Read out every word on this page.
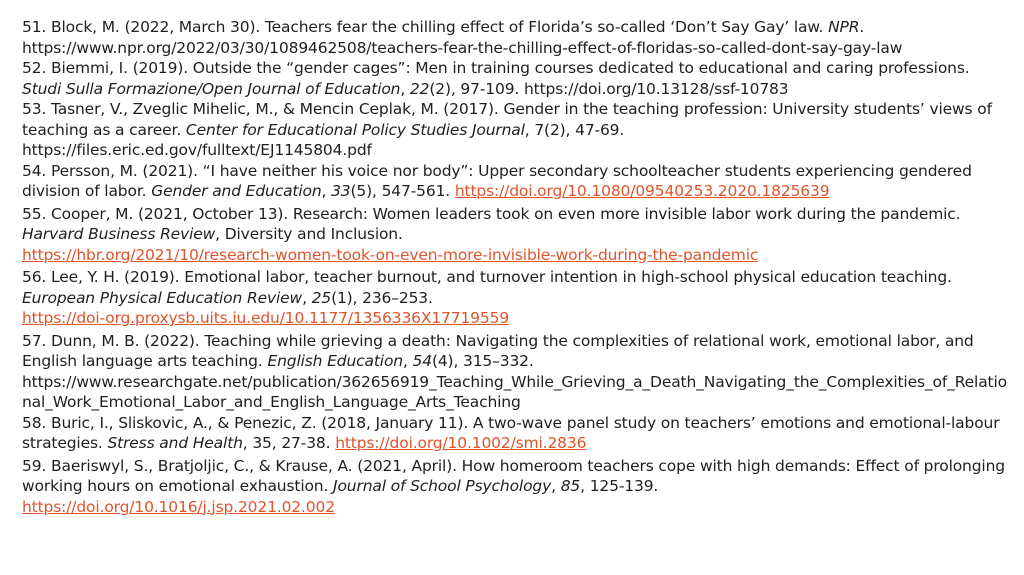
51. Block, M. (2022, March 30). Teachers fear the chilling effect of Florida’s so-called ‘Don’t Say Gay’ law. NPR.
https://www.npr.org/2022/03/30/1089462508/teachers-fear-the-chilling-effect-of-floridas-so-called-dont-say-gay-law

52. Biemmi, I. (2019). Outside the “gender cages”: Men in training courses dedicated to educational and caring professions. Studi Sulla Formazione/Open Journal of Education, 22(2), 97-109. https://doi.org/10.13128/ssf-10783

53. Tasner, V., Zveglic Mihelic, M., & Mencin Ceplak, M. (2017). Gender in the teaching profession: University students’ views of teaching as a career. Center for Educational Policy Studies Journal, 7(2), 47-69.
https://files.eric.ed.gov/fulltext/EJ1145804.pdf

54. Persson, M. (2021). “I have neither his voice nor body”: Upper secondary schoolteacher students experiencing gendered division of labor. Gender and Education, 33(5), 547-561. https://doi.org/10.1080/09540253.2020.1825639

55. Cooper, M. (2021, October 13). Research: Women leaders took on even more invisible labor work during the pandemic. Harvard Business Review, Diversity and Inclusion.
https://hbr.org/2021/10/research-women-took-on-even-more-invisible-work-during-the-pandemic

56. Lee, Y. H. (2019). Emotional labor, teacher burnout, and turnover intention in high-school physical education teaching. European Physical Education Review, 25(1), 236–253.
https://doi-org.proxysb.uits.iu.edu/10.1177/1356336X17719559

57. Dunn, M. B. (2022). Teaching while grieving a death: Navigating the complexities of relational work, emotional labor, and English language arts teaching. English Education, 54(4), 315–332.
https://www.researchgate.net/publication/362656919_Teaching_While_Grieving_a_Death_Navigating_the_Complexities_of_Relational_Work_Emotional_Labor_and_English_Language_Arts_Teaching

58. Buric, I., Sliskovic, A., & Penezic, Z. (2018, January 11). A two-wave panel study on teachers’ emotions and emotional-labour strategies. Stress and Health, 35, 27-38. https://doi.org/10.1002/smi.2836

59. Baeriswyl, S., Bratjoljic, C., & Krause, A. (2021, April). How homeroom teachers cope with high demands: Effect of prolonging working hours on emotional exhaustion. Journal of School Psychology, 85, 125-139.
https://doi.org/10.1016/j.jsp.2021.02.002
